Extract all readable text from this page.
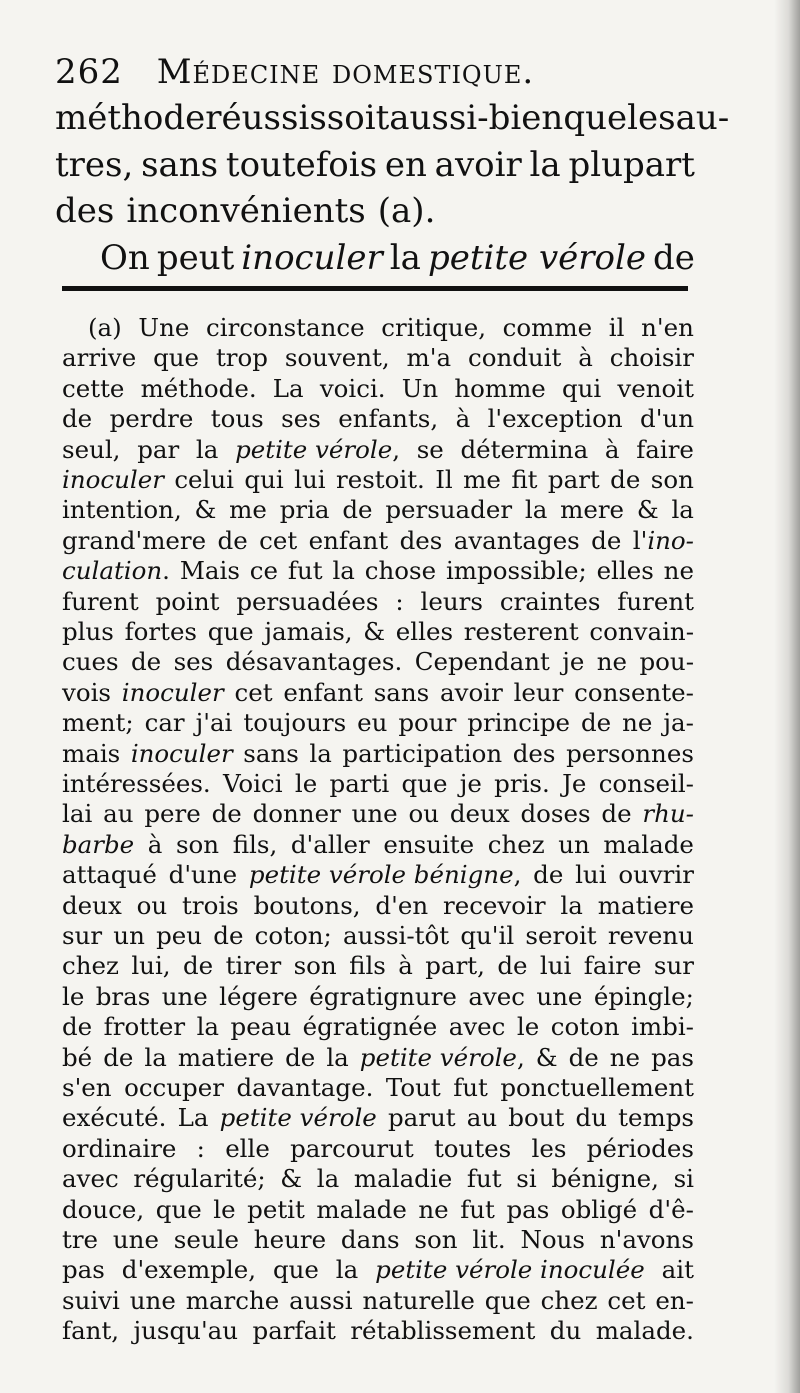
262 Médecine domestique.
méthode réussissoit aussi-bien que les au-
tres, sans toutefois en avoir la plupart
des inconvénients (a).
On peut inoculer la petite vérole de
(a) Une circonstance critique, comme il n'en
arrive que trop souvent, m'a conduit à choisir
cette méthode. La voici. Un homme qui venoit
de perdre tous ses enfants, à l'exception d'un
seul, par la petite vérole, se détermina à faire
inoculer celui qui lui restoit. Il me fit part de son
intention, & me pria de persuader la mere & la
grand'mere de cet enfant des avantages de l'ino-
culation. Mais ce fut la chose impossible; elles ne
furent point persuadées : leurs craintes furent
plus fortes que jamais, & elles resterent convain-
cues de ses désavantages. Cependant je ne pou-
vois inoculer cet enfant sans avoir leur consente-
ment; car j'ai toujours eu pour principe de ne ja-
mais inoculer sans la participation des personnes
intéressées. Voici le parti que je pris. Je conseil-
lai au pere de donner une ou deux doses de rhu-
barbe à son fils, d'aller ensuite chez un malade
attaqué d'une petite vérole bénigne, de lui ouvrir
deux ou trois boutons, d'en recevoir la matiere
sur un peu de coton; aussi-tôt qu'il seroit revenu
chez lui, de tirer son fils à part, de lui faire sur
le bras une légere égratignure avec une épingle;
de frotter la peau égratignée avec le coton imbi-
bé de la matiere de la petite vérole, & de ne pas
s'en occuper davantage. Tout fut ponctuellement
exécuté. La petite vérole parut au bout du temps
ordinaire : elle parcourut toutes les périodes
avec régularité; & la maladie fut si bénigne, si
douce, que le petit malade ne fut pas obligé d'ê-
tre une seule heure dans son lit. Nous n'avons
pas d'exemple, que la petite vérole inoculée ait
suivi une marche aussi naturelle que chez cet en-
fant, jusqu'au parfait rétablissement du malade.
